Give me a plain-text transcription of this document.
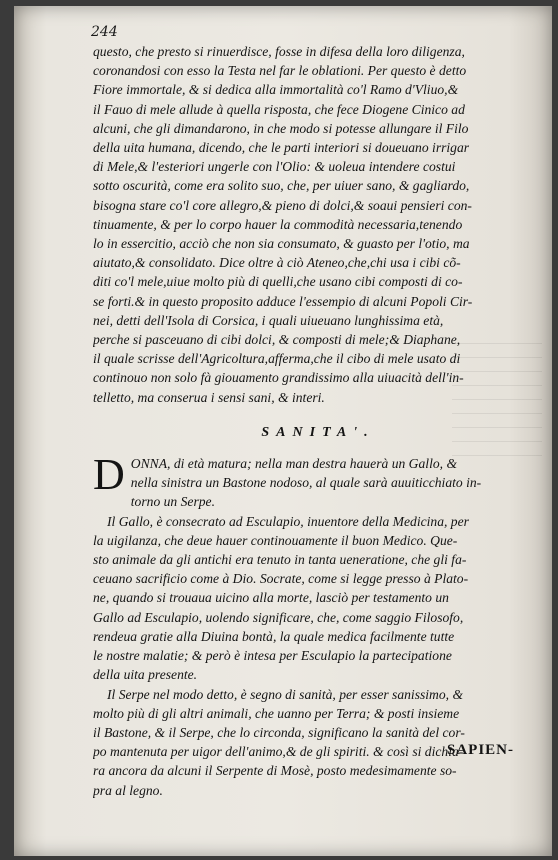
244
questo, che presto si rinuerdisce, fosse in difesa della loro diligenza,
coronandosi con esso la Testa nel far le oblationi. Per questo è detto
Fiore immortale, & si dedica alla immortalità co'l Ramo d'Vliuo,&
il Fauo di mele allude à quella risposta, che fece Diogene Cinico ad
alcuni, che gli dimandarono, in che modo si potesse allungare il Filo
della uita humana, dicendo, che le parti interiori si doueuano irrigar
di Mele,& l'esteriori ungerle con l'Olio: & uoleua intendere costui
sotto oscurità, come era solito suo, che, per uiuer sano, & gagliardo,
bisogna stare co'l core allegro,& pieno di dolci,& soaui pensieri con-
tinuamente, & per lo corpo hauer la commodità necessaria,tenendo
lo in essercitio, acciò che non sia consumato, & guasto per l'otio, ma
aiutato,& consolidato. Dice oltre à ciò Ateneo,che,chi usa i cibi cõ-
diti co'l mele,uiue molto più di quelli,che usano cibi composti di co-
se forti.& in questo proposito adduce l'essempio di alcuni Popoli Cir-
nei, detti dell'Isola di Corsica, i quali uiueuano lunghissima età,
perche si pasceuano di cibi dolci, & composti di mele;& Diaphane,
il quale scrisse dell'Agricoltura,afferma,che il cibo di mele usato di
continouo non solo fà giouamento grandissimo alla uiuacità dell'in-
telletto, ma conserua i sensi sani, & interi.
SANITA'.
D ONNA, di età matura; nella man destra hauerà un Gallo, &
nella sinistra un Bastone nodoso, al quale sarà auuiticchiato in-
torno un Serpe.
Il Gallo, è consecrato ad Esculapio, inuentore della Medicina, per
la uigilanza, che deue hauer continouamente il buon Medico. Que-
sto animale da gli antichi era tenuto in tanta ueneratione, che gli fa-
ceuano sacrificio come à Dio. Socrate, come si legge presso à Plato-
ne, quando si trouaua uicino alla morte, lasciò per testamento un
Gallo ad Esculapio, uolendo significare, che, come saggio Filosofo,
rendeua gratie alla Diuina bontà, la quale medica facilmente tutte
le nostre malatie; & però è intesa per Esculapio la partecipatione
della uita presente.
Il Serpe nel modo detto, è segno di sanità, per esser sanissimo, &
molto più di gli altri animali, che uanno per Terra; & posti insieme
il Bastone, & il Serpe, che lo circonda, significano la sanità del cor-
po mantenuta per uigor dell'animo,& de gli spiriti. & così si dichia-
ra ancora da alcuni il Serpente di Mosè, posto medesimamente so-
pra al legno.
SAPIEN-
